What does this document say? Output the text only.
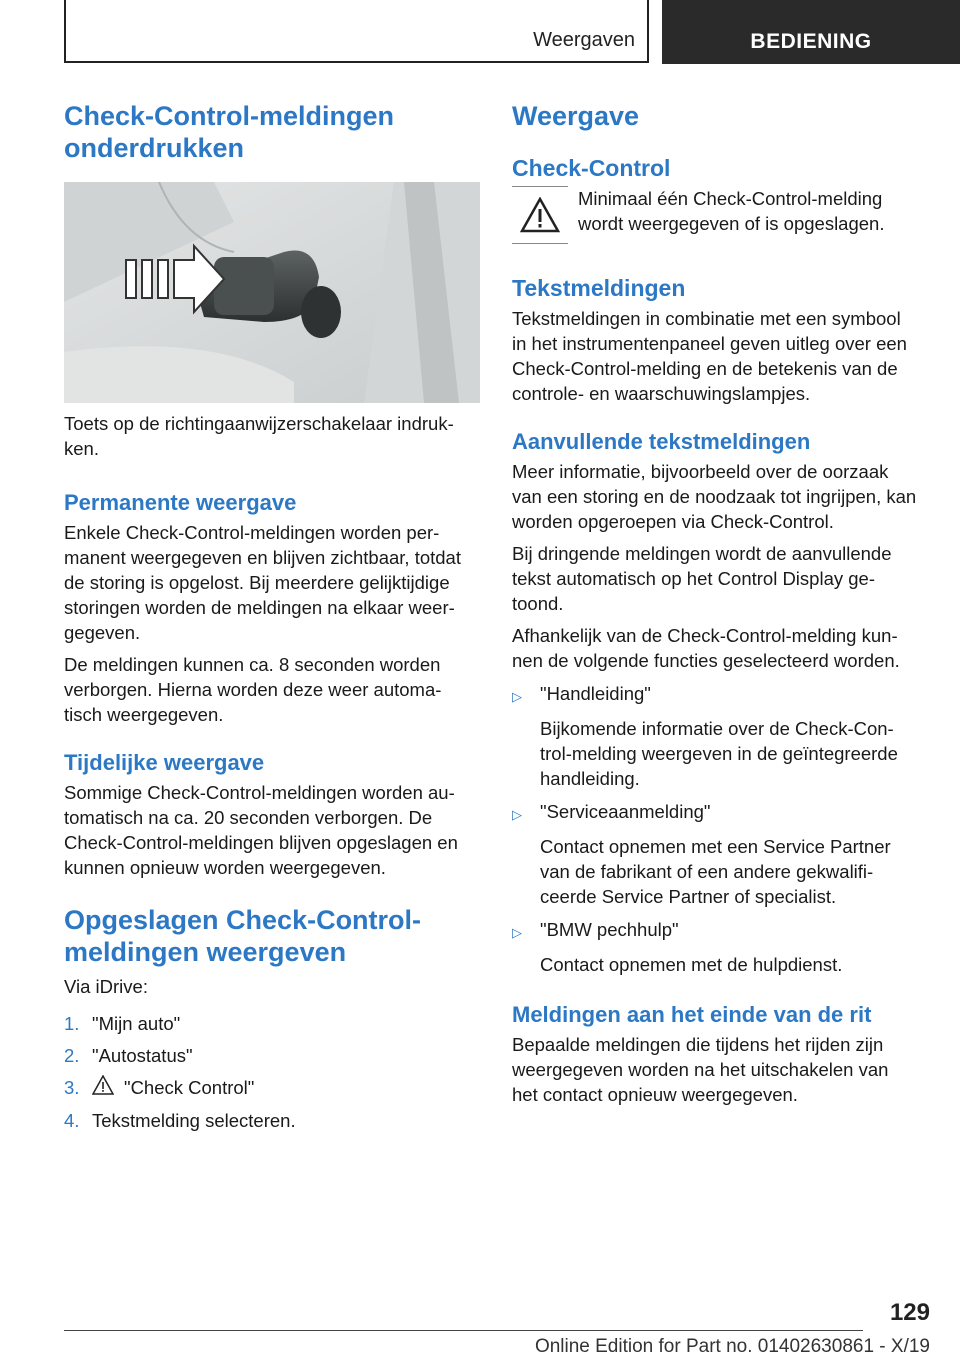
Weergaven	BEDIENING
Check-Control-meldingen
onderdrukken

Toets op de richtingaanwijzerschakelaar indruk-

ken.

Permanente weergave

Enkele Check-Control-meldingen worden per-

manent weergegeven en blijven zichtbaar, totdat

de storing is opgelost. Bij meerdere gelijktijdige

storingen worden de meldingen na elkaar weer-

gegeven.

De meldingen kunnen ca. 8 seconden worden

verborgen. Hierna worden deze weer automa-

tisch weergegeven.

Tijdelijke weergave

Sommige Check-Control-meldingen worden au-

tomatisch na ca. 20 seconden verborgen. De

Check-Control-meldingen blijven opgeslagen en

kunnen opnieuw worden weergegeven.

Opgeslagen Check-Control-
meldingen weergeven

Via iDrive:

1. "Mijn auto"
2. "Autostatus"
3.	"Check Control"
4. Tekstmelding selecteren.
Weergave
Check-Control

Minimaal één Check-Control-melding

wordt weergegeven of is opgeslagen.

Tekstmeldingen

Tekstmeldingen in combinatie met een symbool

in het instrumentenpaneel geven uitleg over een

Check-Control-melding en de betekenis van de

controle- en waarschuwingslampjes.

Aanvullende tekstmeldingen

Meer informatie, bijvoorbeeld over de oorzaak

van een storing en de noodzaak tot ingrijpen, kan

worden opgeroepen via Check-Control.

Bij dringende meldingen wordt de aanvullende

tekst automatisch op het Control Display ge-

toond.

Afhankelijk van de Check-Control-melding kun-

nen de volgende functies geselecteerd worden.

▷ "Handleiding"

Bijkomende informatie over de Check-Con-

trol-melding weergeven in de geïntegreerde

handleiding.

▷ "Serviceaanmelding"

Contact opnemen met een Service Partner

van de fabrikant of een andere gekwalifi-

ceerde Service Partner of specialist.

▷ "BMW pechhulp"

Contact opnemen met de hulpdienst.

Meldingen aan het einde van de rit

Bepaalde meldingen die tijdens het rijden zijn

weergegeven worden na het uitschakelen van

het contact opnieuw weergegeven.

129
Online Edition for Part no. 01402630861 - X/19
